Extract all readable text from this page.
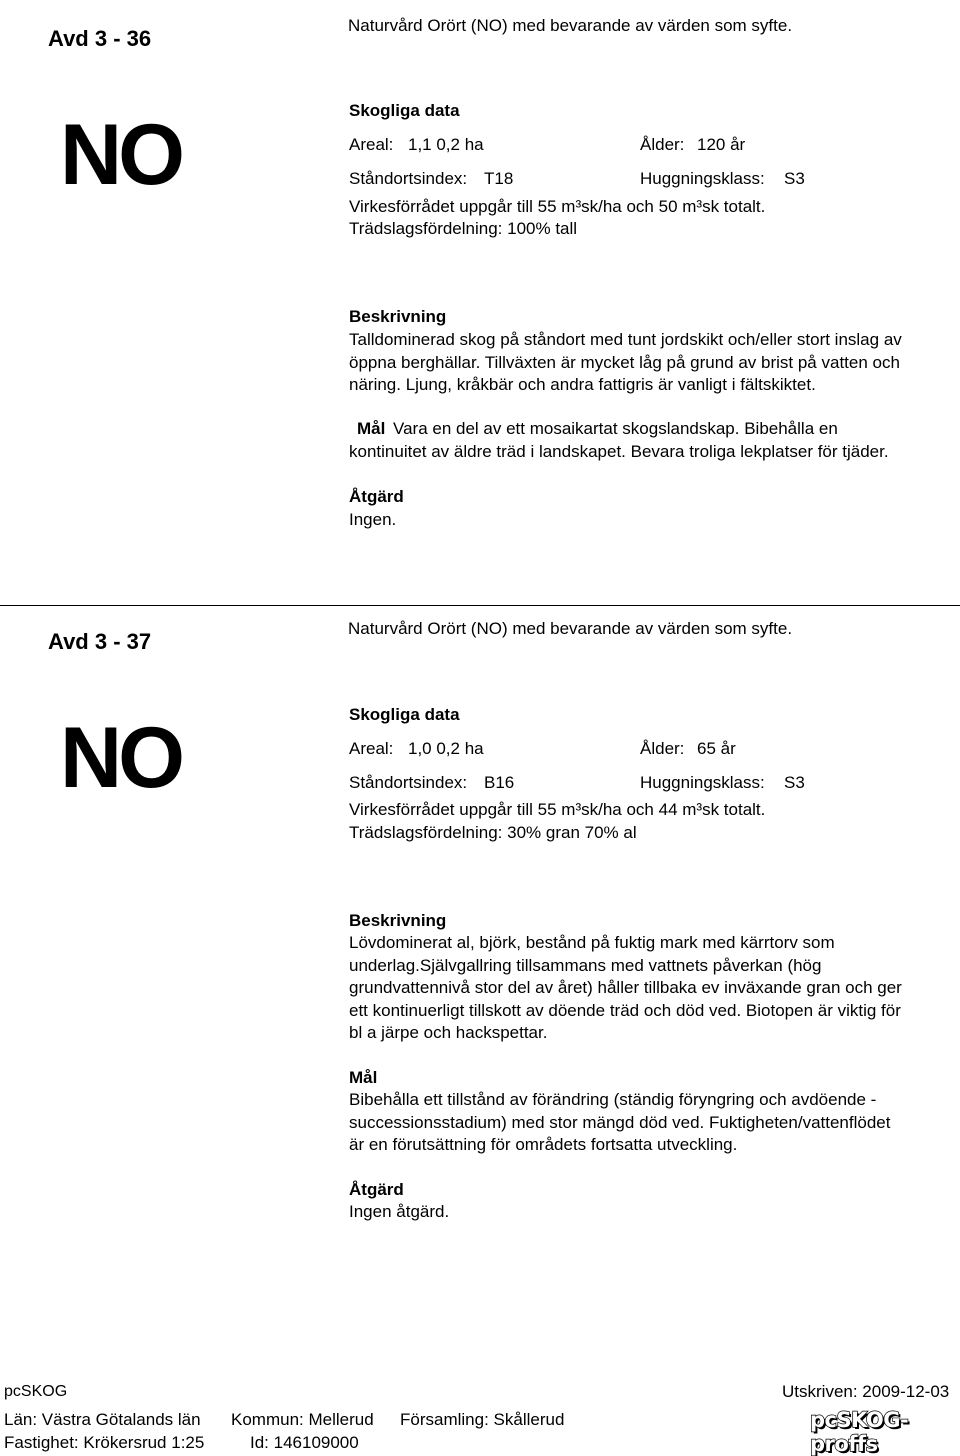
Avd 3 - 36
Naturvård Orört (NO) med bevarande av värden som syfte.
NO	Skogliga data
Areal: 1,1 0,2 ha	Ålder: 120 år
Ståndortsindex: T18	Huggningsklass: S3
Virkesförrådet uppgår till 55 m³sk/ha och 50 m³sk totalt.
Trädslagsfördelning: 100% tall
Beskrivning
Talldominerad skog på ståndort med tunt jordskikt och/eller stort inslag av
öppna berghällar. Tillväxten är mycket låg på grund av brist på vatten och
näring. Ljung, kråkbär och andra fattigris är vanligt i fältskiktet.
Mål Vara en del av ett mosaikartat skogslandskap. Bibehålla en
kontinuitet av äldre träd i landskapet. Bevara troliga lekplatser för tjäder.
Åtgärd
Ingen.
Avd 3 - 37
Naturvård Orört (NO) med bevarande av värden som syfte.
NO	Skogliga data
Areal: 1,0 0,2 ha	Ålder: 65 år
Ståndortsindex: B16	Huggningsklass: S3
Virkesförrådet uppgår till 55 m³sk/ha och 44 m³sk totalt.
Trädslagsfördelning: 30% gran 70% al
Beskrivning
Lövdominerat al, björk, bestånd på fuktig mark med kärrtorv som
underlag.Självgallring tillsammans med vattnets påverkan (hög
grundvattennivå stor del av året) håller tillbaka ev inväxande gran och ger
ett kontinuerligt tillskott av döende träd och död ved. Biotopen är viktig för
bl a järpe och hackspettar.
Mål
Bibehålla ett tillstånd av förändring (ständig föryngring och avdöende -
successionsstadium) med stor mängd död ved. Fuktigheten/vattenflödet
är en förutsättning för områdets fortsatta utveckling.
Åtgärd
Ingen åtgärd.
pcSKOG	Utskriven: 2009-12-03
Län: Västra Götalands län Kommun: Mellerud Församling: Skållerud
Fastighet: Krökersrud 1:25	Id: 146109000
pcSKOG-proffs
